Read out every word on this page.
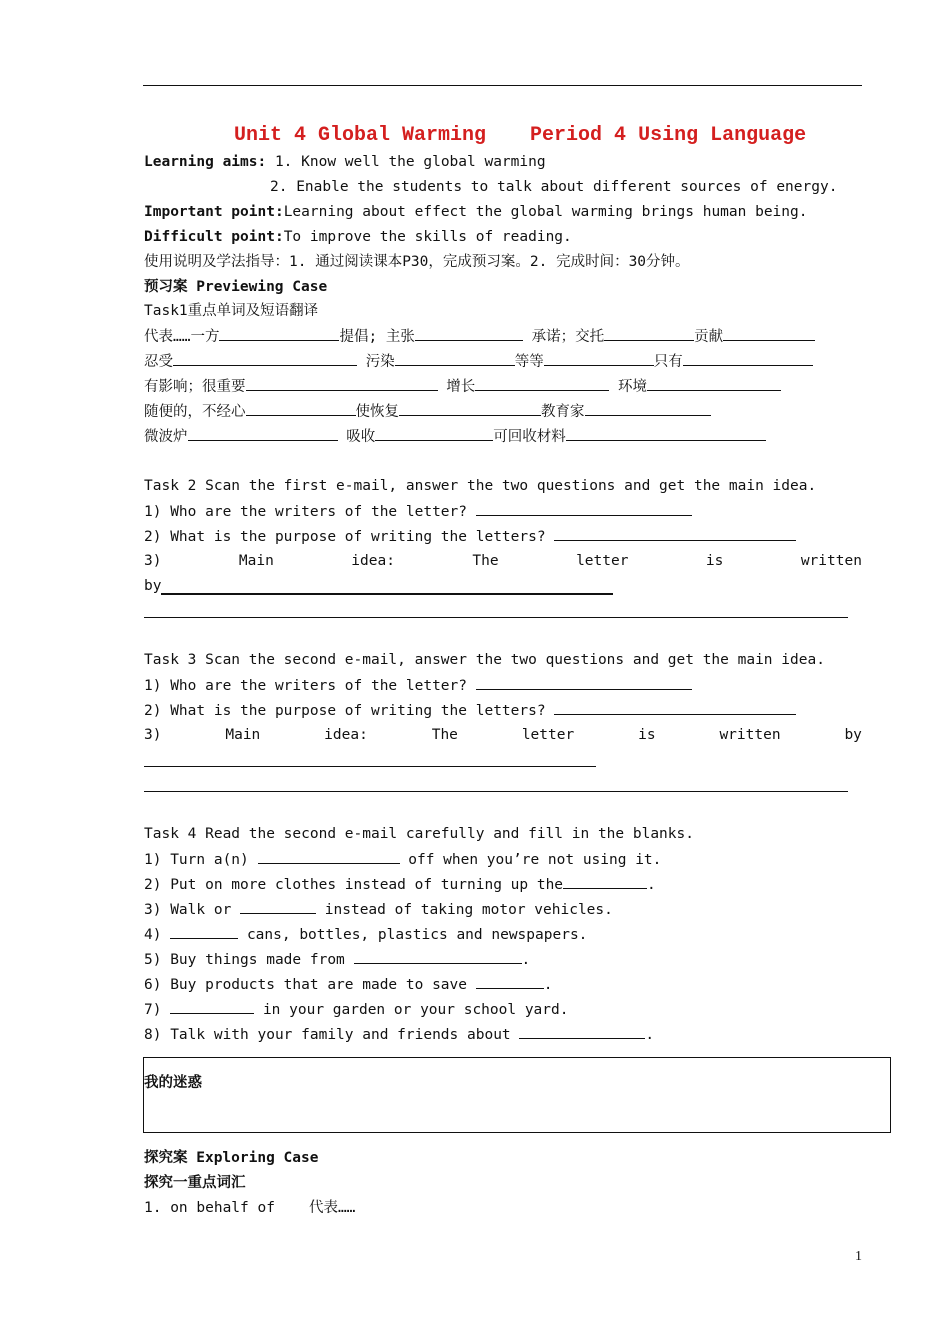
Unit 4 Global Warming Period 4 Using Language
Learning aims: 1. Know well the global warming
2. Enable the students to talk about different sources of energy.
Important point:Learning about effect the global warming brings human being.
Difficult point:To improve the skills of reading.
使用说明及学法指导：1. 通过阅读课本P30，完成预习案。2. 完成时间：30分钟。
预习案 Previewing Case
Task1重点单词及短语翻译
代表……一方	提倡; 主张	承诺；交托	贡献
忍受	污染	等等	只有
有影响；很重要	增长	环境
随便的，不经心	使恢复	教育家
微波炉	吸收	可回收材料
Task 2 Scan the first e-mail, answer the two questions and get the main idea.
1) Who are the writers of the letter?
2) What is the purpose of writing the letters?
3)	Main	idea:	The	letter	is	written
by
Task 3 Scan the second e-mail, answer the two questions and get the main idea.
1) Who are the writers of the letter?
2) What is the purpose of writing the letters?
3)	Main	idea:	The	letter	is	written	by
Task 4 Read the second e-mail carefully and fill in the blanks.
1) Turn a(n)	off when you’re not using it.
2) Put on more clothes instead of turning up the	.
3) Walk or	instead of taking motor vehicles.
4)	cans, bottles, plastics and newspapers.
5) Buy things made from	.
6) Buy products that are made to save	.
7)	in your garden or your school yard.
8) Talk with your family and friends about	.
我的迷惑
探究案 Exploring Case
探究一重点词汇
1. on behalf of 代表……
1
